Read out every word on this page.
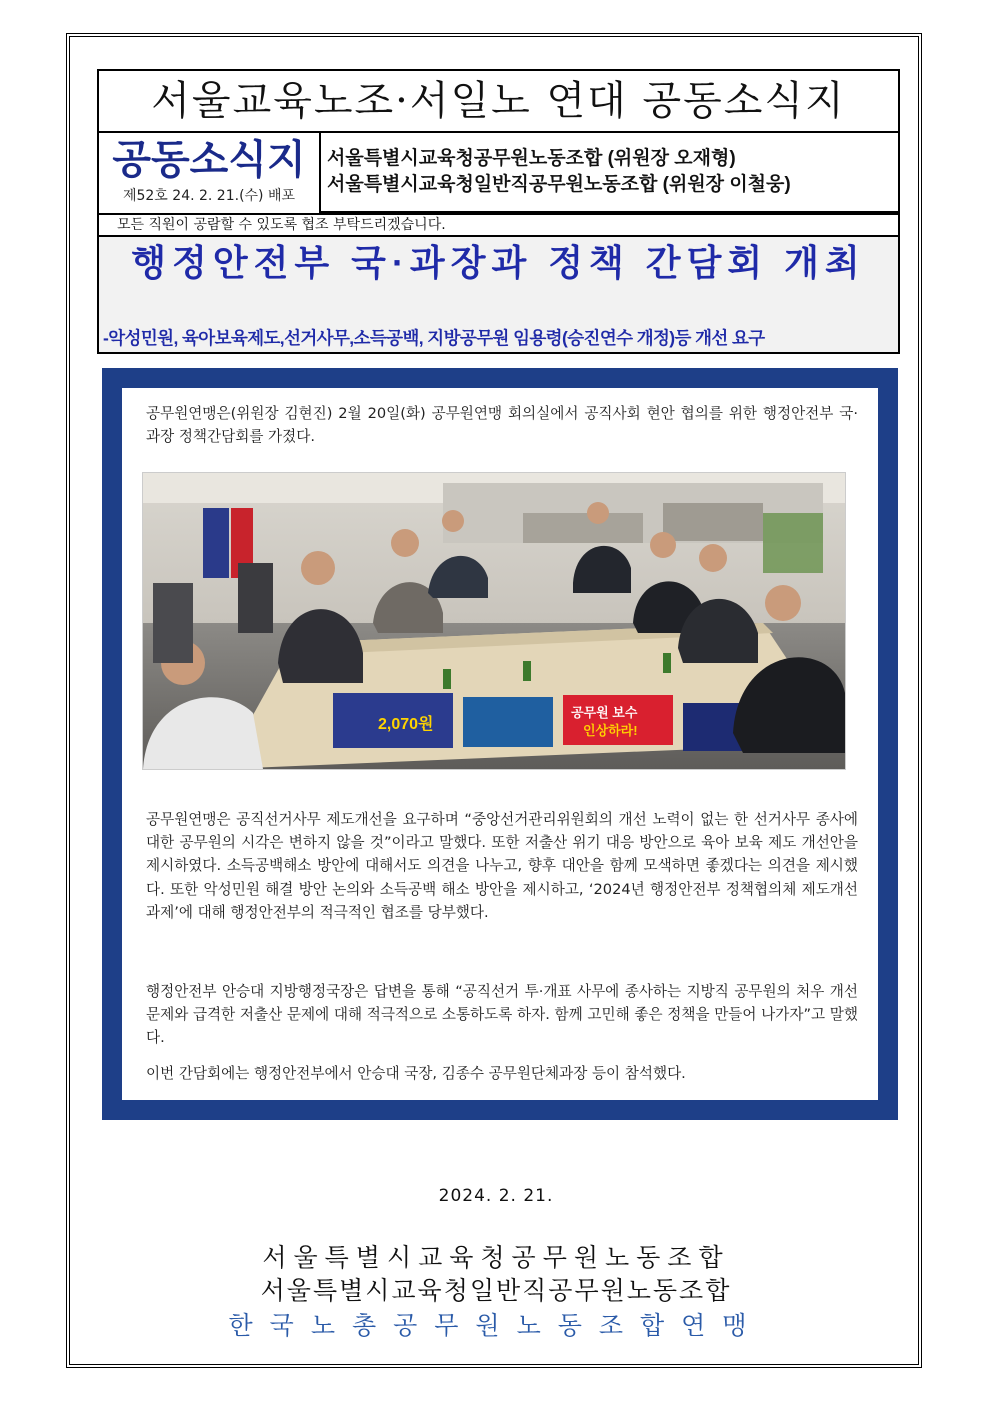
서울교육노조·서일노 연대 공동소식지
공동소식지
제52호 24. 2. 21.(수) 배포
서울특별시교육청공무원노동조합 (위원장 오재형)
서울특별시교육청일반직공무원노동조합 (위원장 이철웅)
모든 직원이 공람할 수 있도록 협조 부탁드리겠습니다.
행정안전부 국·과장과 정책 간담회 개최
-악성민원, 육아보육제도,선거사무,소득공백, 지방공무원 임용령(승진연수 개정)등 개선 요구
공무원연맹은(위원장 김현진) 2월 20일(화) 공무원연맹 회의실에서 공직사회 현안 협의를 위한 행정안전부 국·과장 정책간담회를 가졌다.
2,070원
공무원 보수
인상하라!
공무원연맹은 공직선거사무 제도개선을 요구하며 “중앙선거관리위원회의 개선 노력이 없는 한 선거사무 종사에 대한 공무원의 시각은 변하지 않을 것”이라고 말했다. 또한 저출산 위기 대응 방안으로 육아 보육 제도 개선안을 제시하였다. 소득공백해소 방안에 대해서도 의견을 나누고, 향후 대안을 함께 모색하면 좋겠다는 의견을 제시했다. 또한 악성민원 해결 방안 논의와 소득공백 해소 방안을 제시하고, ‘2024년 행정안전부 정책협의체 제도개선 과제’에 대해 행정안전부의 적극적인 협조를 당부했다.
행정안전부 안승대 지방행정국장은 답변을 통해 “공직선거 투·개표 사무에 종사하는 지방직 공무원의 처우 개선 문제와 급격한 저출산 문제에 대해 적극적으로 소통하도록 하자. 함께 고민해 좋은 정책을 만들어 나가자”고 말했다.
이번 간담회에는 행정안전부에서 안승대 국장, 김종수 공무원단체과장 등이 참석했다.
2024. 2. 21.
서울특별시교육청공무원노동조합
서울특별시교육청일반직공무원노동조합
한국노총공무원노동조합연맹
